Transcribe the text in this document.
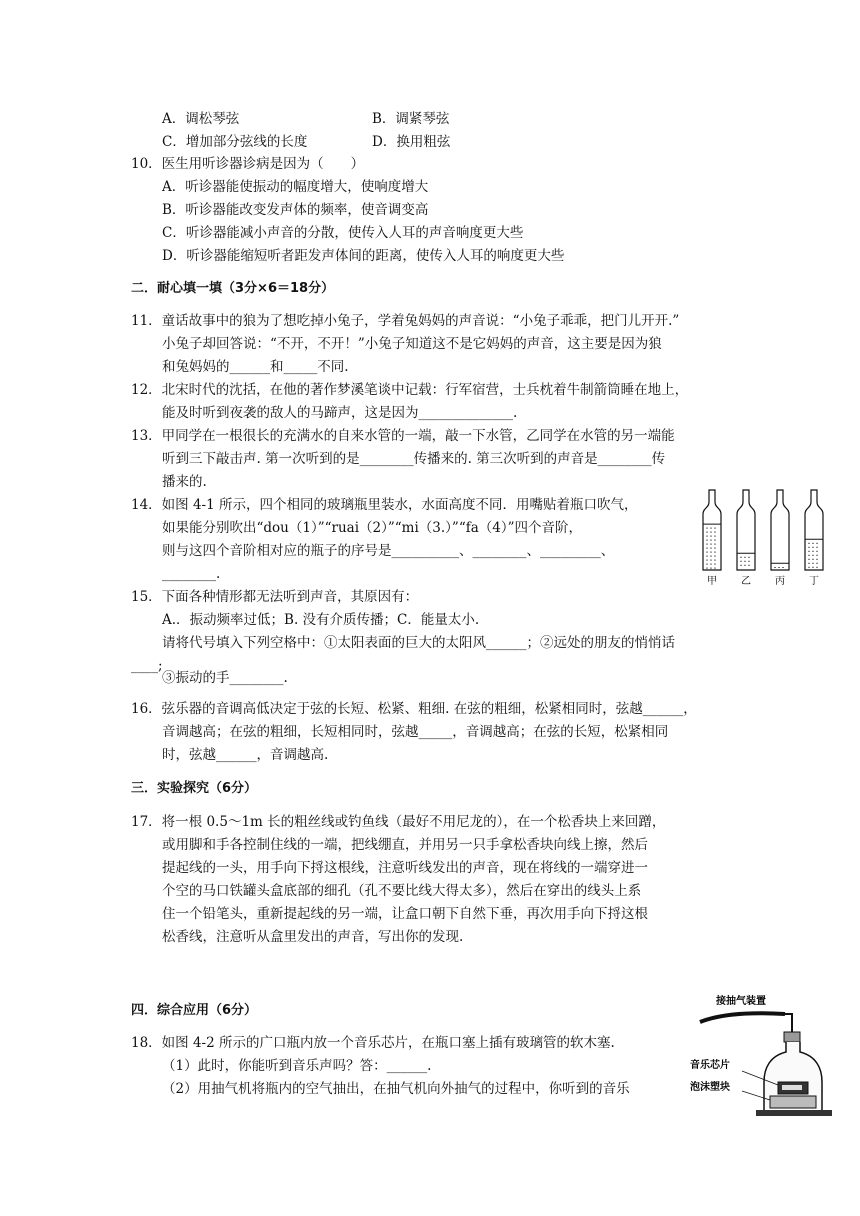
A．调松琴弦	B．调紧琴弦
C．增加部分弦线的长度	D．换用粗弦
10．医生用听诊器诊病是因为（　　）
A．听诊器能使振动的幅度增大，使响度增大
B．听诊器能改变发声体的频率，使音调变高
C．听诊器能减小声音的分散，使传入人耳的声音响度更大些
D．听诊器能缩短听者距发声体间的距离，使传入人耳的响度更大些
二．耐心填一填（3分×6＝18分）
11．童话故事中的狼为了想吃掉小兔子，学着兔妈妈的声音说：“小兔子乖乖，把门儿开开.”
小兔子却回答说：“不开，不开！”小兔子知道这不是它妈妈的声音，这主要是因为狼
和兔妈妈的______和_____不同.
12．北宋时代的沈括，在他的著作梦溪笔谈中记载：行军宿营，士兵枕着牛制箭筒睡在地上，
能及时听到夜袭的敌人的马蹄声，这是因为______________.
13．甲同学在一根很长的充满水的自来水管的一端，敲一下水管，乙同学在水管的另一端能
听到三下敲击声. 第一次听到的是________传播来的. 第三次听到的声音是________传
播来的.
14．如图 4-1 所示，四个相同的玻璃瓶里装水，水面高度不同．用嘴贴着瓶口吹气，
如果能分别吹出“dou（1）”“ruai（2）”“mi（3.）”“fa（4）”四个音阶，
则与这四个音阶相对应的瓶子的序号是__________、________、_________、
________.	甲 乙 丙 丁
15．下面各种情形都无法听到声音，其原因有：
A.．振动频率过低；B. 没有介质传播；C．能量太小.
请将代号填入下列空格中：①太阳表面的巨大的太阳风______；②远处的朋友的悄悄话
____;
③振动的手________.
16．弦乐器的音调高低决定于弦的长短、松紧、粗细. 在弦的粗细，松紧相同时，弦越______，
音调越高；在弦的粗细，长短相同时，弦越_____，音调越高；在弦的长短，松紧相同
时，弦越______，音调越高.
三．实验探究（6分）
17．将一根 0.5～1m 长的粗丝线或钓鱼线（最好不用尼龙的），在一个松香块上来回蹭，
或用脚和手各控制住线的一端，把线绷直，并用另一只手拿松香块向线上擦，然后
提起线的一头，用手向下捋这根线，注意听线发出的声音，现在将线的一端穿进一
个空的马口铁罐头盒底部的细孔（孔不要比线大得太多），然后在穿出的线头上系
住一个铅笔头，重新提起线的另一端，让盒口朝下自然下垂，再次用手向下捋这根
松香线，注意听从盒里发出的声音，写出你的发现.
四．综合应用（6分）
18．如图 4-2 所示的广口瓶内放一个音乐芯片，在瓶口塞上插有玻璃管的软木塞.
（1）此时，你能听到音乐声吗？答：______.
（2）用抽气机将瓶内的空气抽出，在抽气机向外抽气的过程中，你听到的音乐
接抽气装置
音乐芯片
泡沫塑块
